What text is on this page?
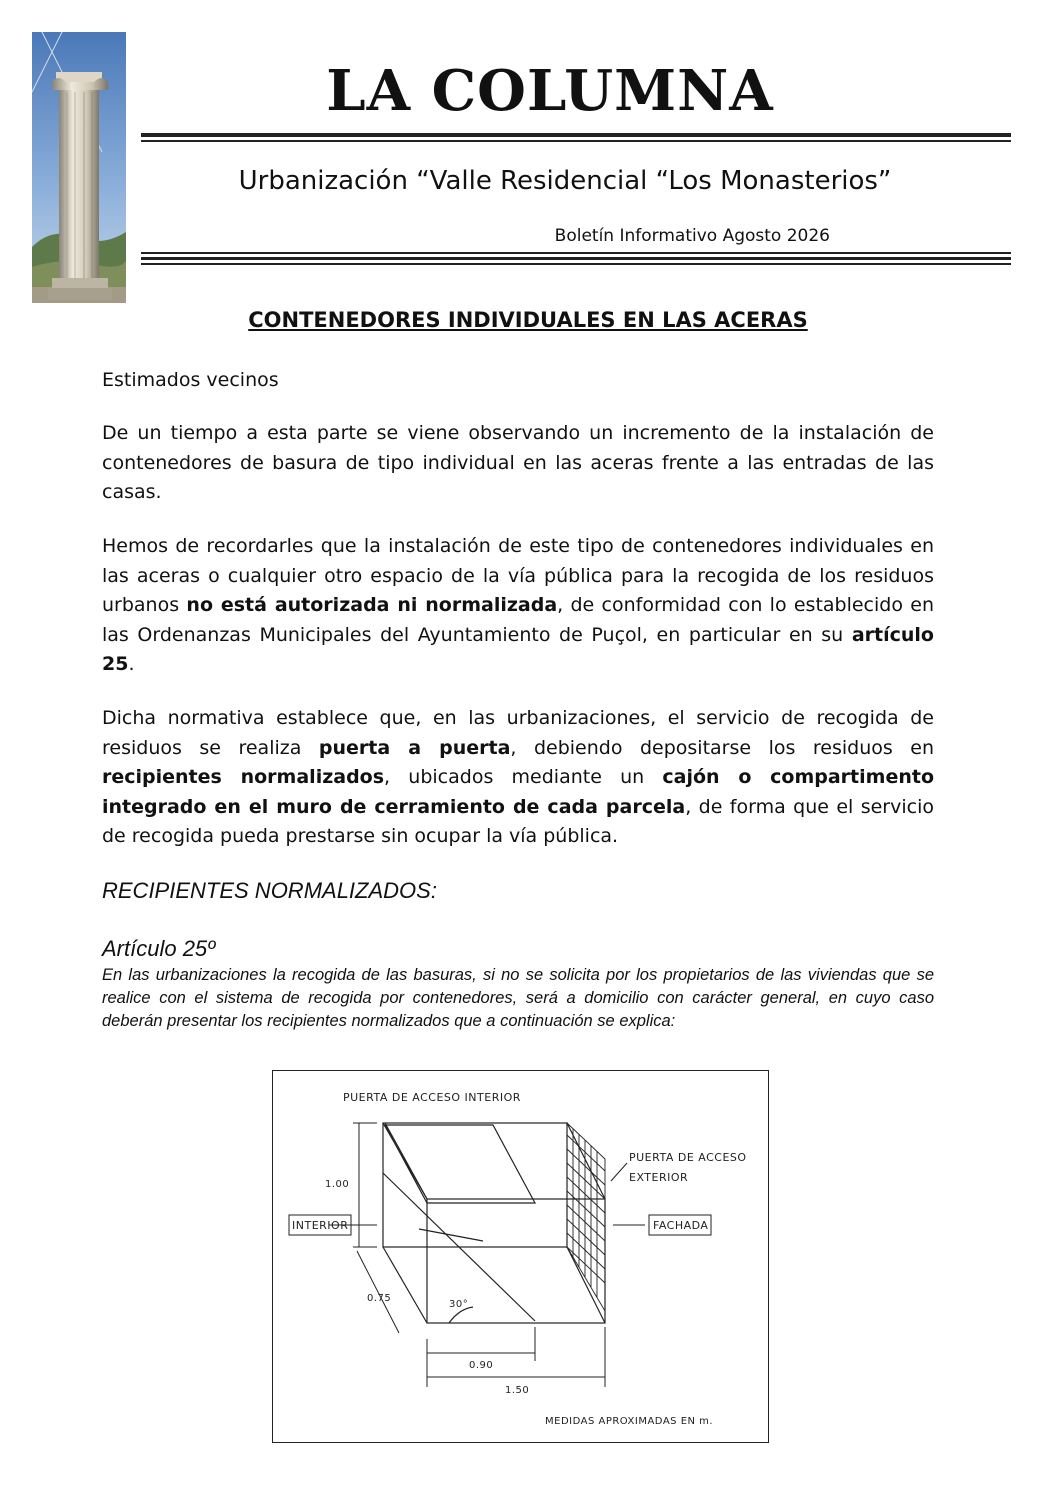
LA COLUMNA

Urbanización “Valle Residencial “Los Monasterios”

Boletín Informativo Agosto 2026

CONTENEDORES INDIVIDUALES EN LAS ACERAS

Estimados vecinos

De un tiempo a esta parte se viene observando un incremento de la instalación de contenedores de basura de tipo individual en las aceras frente a las entradas de las casas.

Hemos de recordarles que la instalación de este tipo de contenedores individuales en las aceras o cualquier otro espacio de la vía pública para la recogida de los residuos urbanos no está autorizada ni normalizada, de conformidad con lo establecido en las Ordenanzas Municipales del Ayuntamiento de Puçol, en particular en su artículo 25.

Dicha normativa establece que, en las urbanizaciones, el servicio de recogida de residuos se realiza puerta a puerta, debiendo depositarse los residuos en recipientes normalizados, ubicados mediante un cajón o compartimento integrado en el muro de cerramiento de cada parcela, de forma que el servicio de recogida pueda prestarse sin ocupar la vía pública.

RECIPIENTES NORMALIZADOS:

Artículo 25º

En las urbanizaciones la recogida de las basuras, si no se solicita por los propietarios de las viviendas que se realice con el sistema de recogida por contenedores, será a domicilio con carácter general, en cuyo caso deberán presentar los recipientes normalizados que a continuación se explica:

PUERTA DE ACCESO INTERIOR
PUERTA DE ACCESO
EXTERIOR
INTERIOR	FACHADA
1.00
0.75
30°
0.90
1.50
MEDIDAS APROXIMADAS EN m.
